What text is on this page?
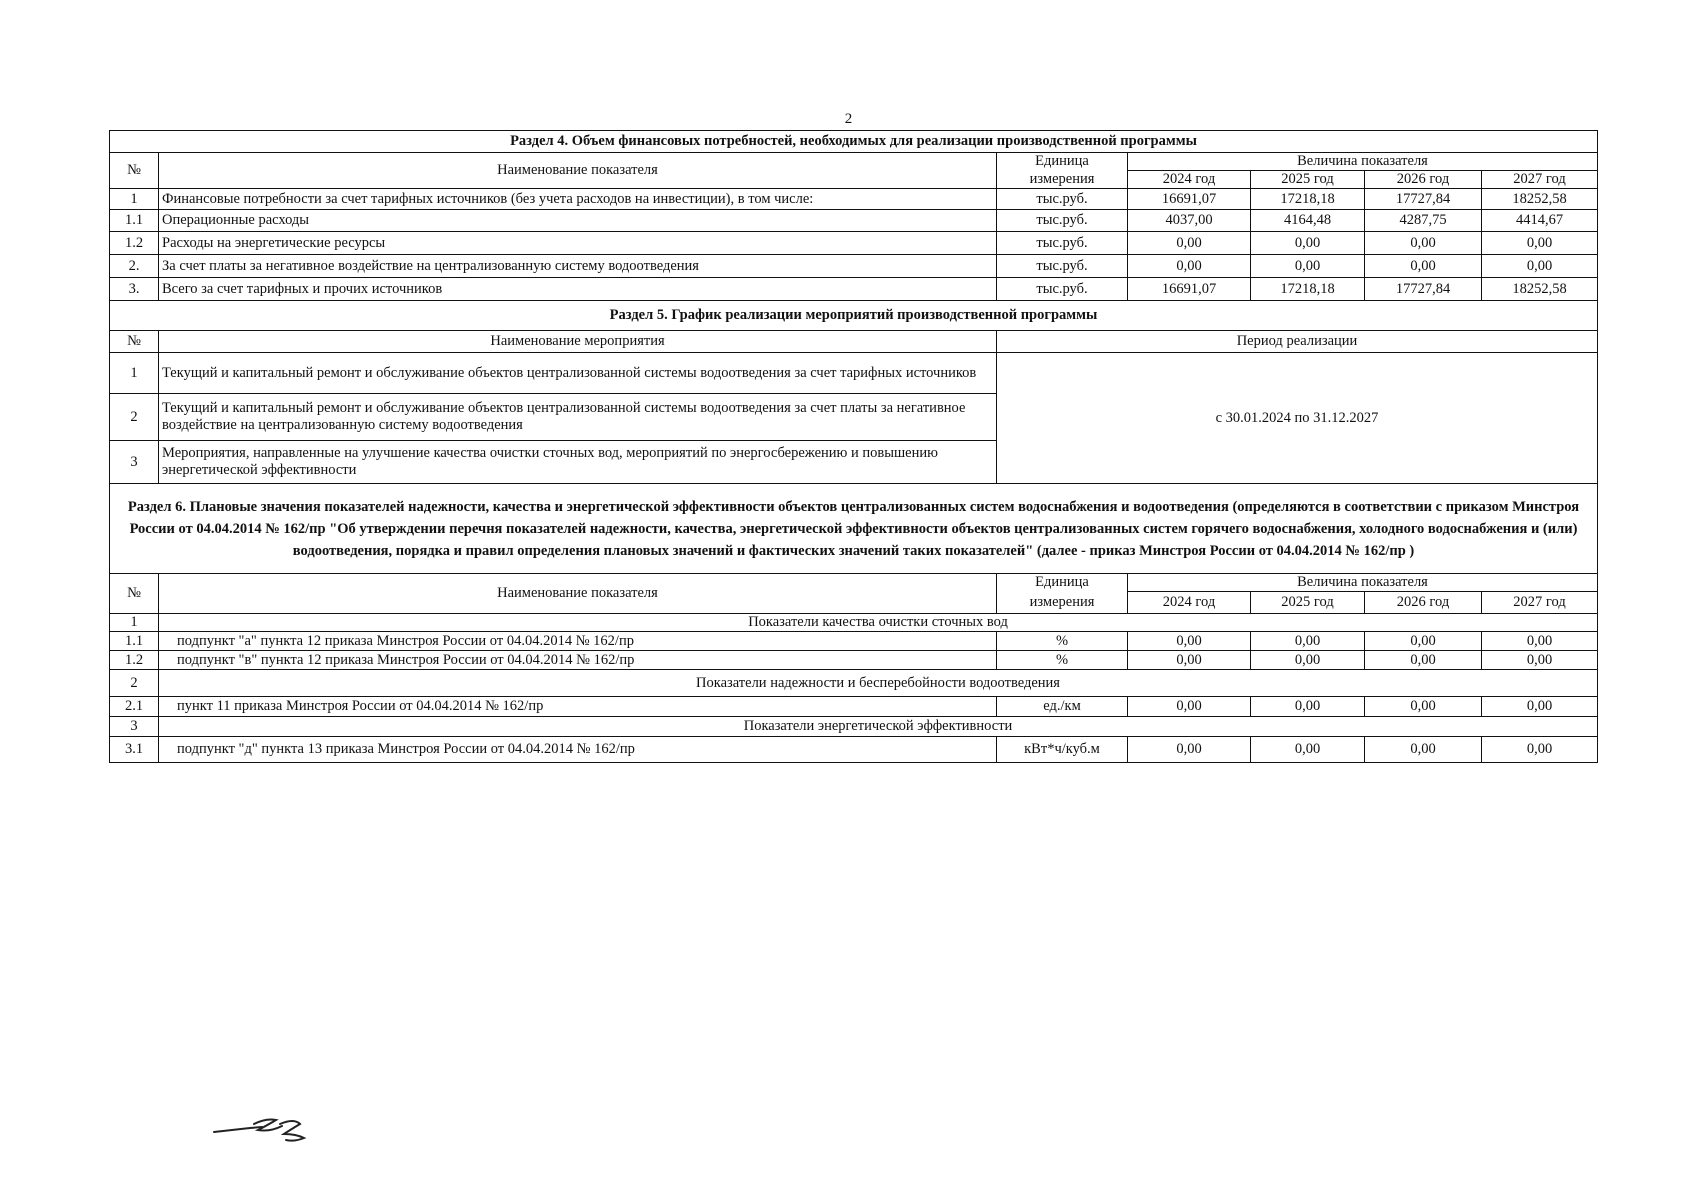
2
Раздел 4. Объем финансовых потребностей, необходимых для реализации производственной программы						
№	Наименование показателя	Единица	Величина показателя			
		измерения	2024 год	2025 год	2026 год	2027 год
1	Финансовые потребности за счет тарифных источников (без учета расходов на инвестиции), в том числе:	тыс.руб.	16691,07	17218,18	17727,84	18252,58
1.1	Операционные расходы	тыс.руб.	4037,00	4164,48	4287,75	4414,67
1.2	Расходы на энергетические ресурсы	тыс.руб.	0,00	0,00	0,00	0,00
2.	За счет платы за негативное воздействие на централизованную систему водоотведения	тыс.руб.	0,00	0,00	0,00	0,00
3.	Всего за счет тарифных и прочих источников	тыс.руб.	16691,07	17218,18	17727,84	18252,58
Раздел 5. График реализации мероприятий производственной программы						
№	Наименование мероприятия	Период реализации				
1	Текущий и капитальный ремонт и обслуживание объектов централизованной системы водоотведения за счет тарифных источников	с 30.01.2024 по 31.12.2027				
2	Текущий и капитальный ремонт и обслуживание объектов централизованной системы водоотведения за счет платы за негативное воздействие на централизованную систему водоотведения					
3	Мероприятия, направленные на улучшение качества очистки сточных вод, мероприятий по энергосбережению и повышению энергетической эффективности					
Раздел 6. Плановые значения показателей надежности, качества и энергетической эффективности объектов централизованных систем водоснабжения и водоотведения (определяются в соответствии с приказом Минстроя России от 04.04.2014 № 162/пр "Об утверждении перечня показателей надежности, качества, энергетической эффективности объектов централизованных систем горячего водоснабжения, холодного водоснабжения и (или) водоотведения, порядка и правил определения плановых значений и фактических значений таких показателей" (далее - приказ Минстроя России от 04.04.2014 № 162/пр )						
№	Наименование показателя	Единица	Величина показателя			
		измерения	2024 год	2025 год	2026 год	2027 год
1	Показатели качества очистки сточных вод					
1.1	подпункт "а" пункта 12 приказа Минстроя России от 04.04.2014 № 162/пр	%	0,00	0,00	0,00	0,00
1.2	подпункт "в" пункта 12 приказа Минстроя России от 04.04.2014 № 162/пр	%	0,00	0,00	0,00	0,00
2	Показатели надежности и бесперебойности водоотведения					
2.1	пункт 11 приказа Минстроя России от 04.04.2014 № 162/пр	ед./км	0,00	0,00	0,00	0,00
3	Показатели энергетической эффективности					
3.1	подпункт "д" пункта 13 приказа Минстроя России от 04.04.2014 № 162/пр	кВт*ч/куб.м	0,00	0,00	0,00	0,00
